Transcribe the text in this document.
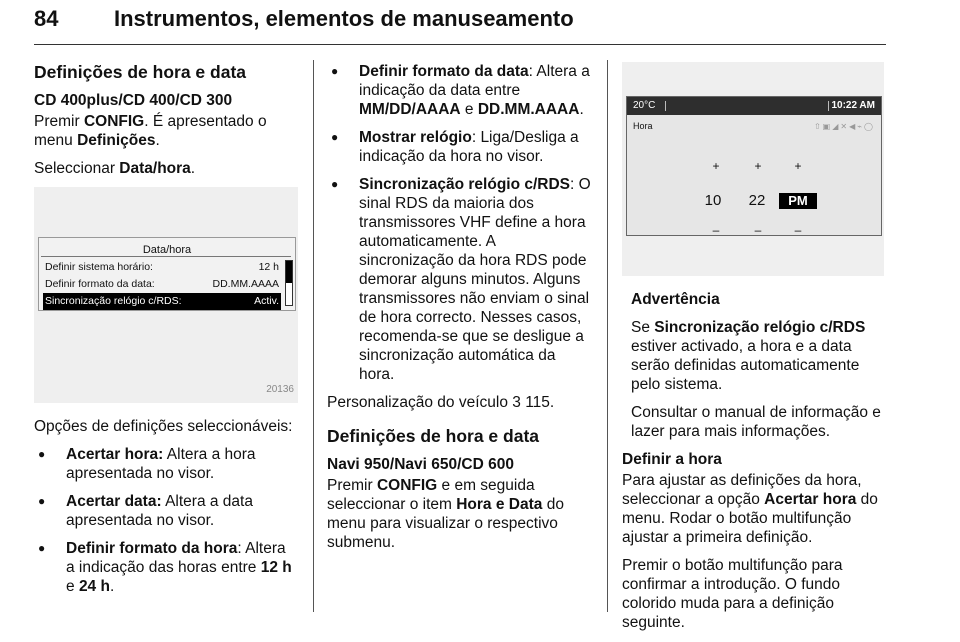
84	Instrumentos, elementos de manuseamento
Definições de hora e data
CD 400plus/CD 400/CD 300

Premir CONFIG. É apresentado o menu Definições.

Seleccionar Data/hora.

Data/hora
Definir sistema horário:	12 h
Definir formato da data:	DD.MM.AAAA
Sincronização relógio c/RDS:	Activ.
20136

Opções de definições seleccionáveis:

● Acertar hora: Altera a hora apresentada no visor.
● Acertar data: Altera a data apresentada no visor.
● Definir formato da hora: Altera a indicação das horas entre 12 h e 24 h.
● Definir formato da data: Altera a indicação da data entre MM/DD/AAAA e DD.MM.AAAA.
● Mostrar relógio: Liga/Desliga a indicação da hora no visor.
● Sincronização relógio c/RDS: O sinal RDS da maioria dos transmissores VHF define a hora automaticamente. A sincronização da hora RDS pode demorar alguns minutos. Alguns transmissores não enviam o sinal de hora correcto. Nesses casos, recomenda-se que se desligue a sincronização automática da hora.

Personalização do veículo 3 115.

Definições de hora e data
Navi 950/Navi 650/CD 600

Premir CONFIG e em seguida seleccionar o item Hora e Data do menu para visualizar o respectivo submenu.

20°C	10:22 AM
Hora	⇧▣◢✕◀⌁◯
+	+	+
10	22	PM
–	–	–

Advertência

Se Sincronização relógio c/RDS estiver activado, a hora e a data serão definidas automaticamente pelo sistema.

Consultar o manual de informação e lazer para mais informações.

Definir a hora

Para ajustar as definições da hora, seleccionar a opção Acertar hora do menu. Rodar o botão multifunção ajustar a primeira definição.

Premir o botão multifunção para confirmar a introdução. O fundo colorido muda para a definição seguinte.
